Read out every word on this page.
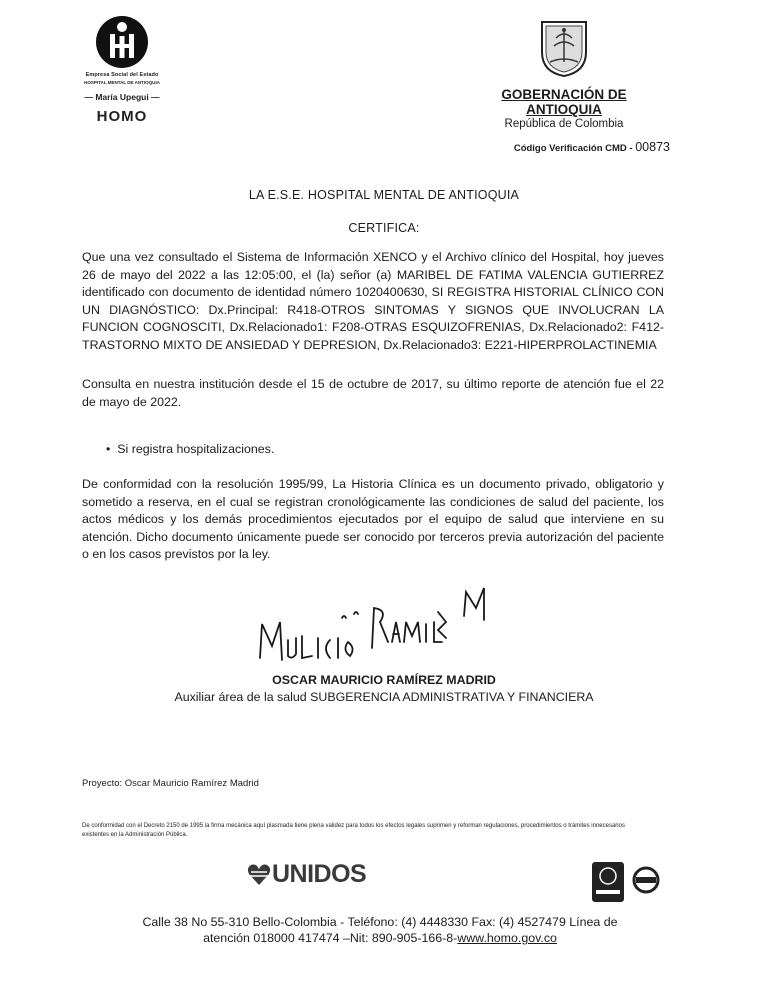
Empresa Social del Estado
HOSPITAL MENTAL DE ANTIOQUIA
— María Upegui —
HOMO
GOBERNACIÓN DE ANTIOQUIA
República de Colombia
Código Verificación CMD - 00873
LA E.S.E. HOSPITAL MENTAL DE ANTIOQUIA
CERTIFICA:
Que una vez consultado el Sistema de Información XENCO y el Archivo clínico del Hospital, hoy jueves 26 de mayo del 2022 a las 12:05:00, el (la) señor (a) MARIBEL DE FATIMA VALENCIA GUTIERREZ identificado con documento de identidad número 1020400630, SI REGISTRA HISTORIAL CLÍNICO CON UN DIAGNÓSTICO: Dx.Principal: R418-OTROS SINTOMAS Y SIGNOS QUE INVOLUCRAN LA FUNCION COGNOSCITI, Dx.Relacionado1: F208-OTRAS ESQUIZOFRENIAS, Dx.Relacionado2: F412-TRASTORNO MIXTO DE ANSIEDAD Y DEPRESION, Dx.Relacionado3: E221-HIPERPROLACTINEMIA
Consulta en nuestra institución desde el 15 de octubre de 2017, su último reporte de atención fue el 22 de mayo de 2022.
•  Si registra hospitalizaciones.
De conformidad con la resolución 1995/99, La Historia Clínica es un documento privado, obligatorio y sometido a reserva, en el cual se registran cronológicamente las condiciones de salud del paciente, los actos médicos y los demás procedimientos ejecutados por el equipo de salud que interviene en su atención. Dicho documento únicamente puede ser conocido por terceros previa autorización del paciente o en los casos previstos por la ley.
OSCAR MAURICIO RAMÍREZ MADRID
Auxiliar área de la salud SUBGERENCIA ADMINISTRATIVA Y FINANCIERA
Proyecto: Oscar Mauricio Ramírez Madrid
De conformidad con el Decreto 2150 de 1995 la firma mecánica aquí plasmada tiene plena validez para todos los efectos legales suprimen y reforman regulaciones, procedimientos o trámites innecesarios existentes en la Administración Pública.
UNIDOS
Calle 38 No 55-310 Bello-Colombia - Teléfono: (4) 4448330 Fax: (4) 4527479 Línea de
atención 018000 417474 –Nit: 890-905-166-8-www.homo.gov.co
